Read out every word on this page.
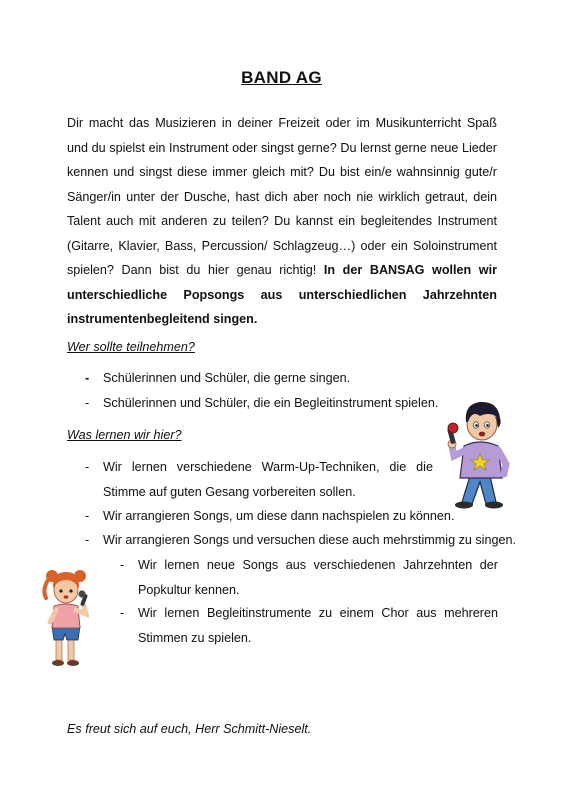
BAND AG
Dir macht das Musizieren in deiner Freizeit oder im Musikunterricht Spaß und du spielst ein Instrument oder singst gerne? Du lernst gerne neue Lieder kennen und singst diese immer gleich mit? Du bist ein/e wahnsinnig gute/r Sänger/in unter der Dusche, hast dich aber noch nie wirklich getraut, dein Talent auch mit anderen zu teilen? Du kannst ein begleitendes Instrument (Gitarre, Klavier, Bass, Percussion/ Schlagzeug…) oder ein Soloinstrument spielen? Dann bist du hier genau richtig! In der BANSAG wollen wir unterschiedliche Popsongs aus unterschiedlichen Jahrzehnten instrumentenbegleitend singen.
Wer sollte teilnehmen?
- Schülerinnen und Schüler, die gerne singen.
- Schülerinnen und Schüler, die ein Begleitinstrument spielen.
Was lernen wir hier?
- Wir lernen verschiedene Warm-Up-Techniken, die die Stimme auf guten Gesang vorbereiten sollen.
- Wir arrangieren Songs, um diese dann nachspielen zu können.
- Wir arrangieren Songs und versuchen diese auch mehrstimmig zu singen.
- Wir lernen neue Songs aus verschiedenen Jahrzehnten der Popkultur kennen.
- Wir lernen Begleitinstrumente zu einem Chor aus mehreren Stimmen zu spielen.
Es freut sich auf euch, Herr Schmitt-Nieselt.
